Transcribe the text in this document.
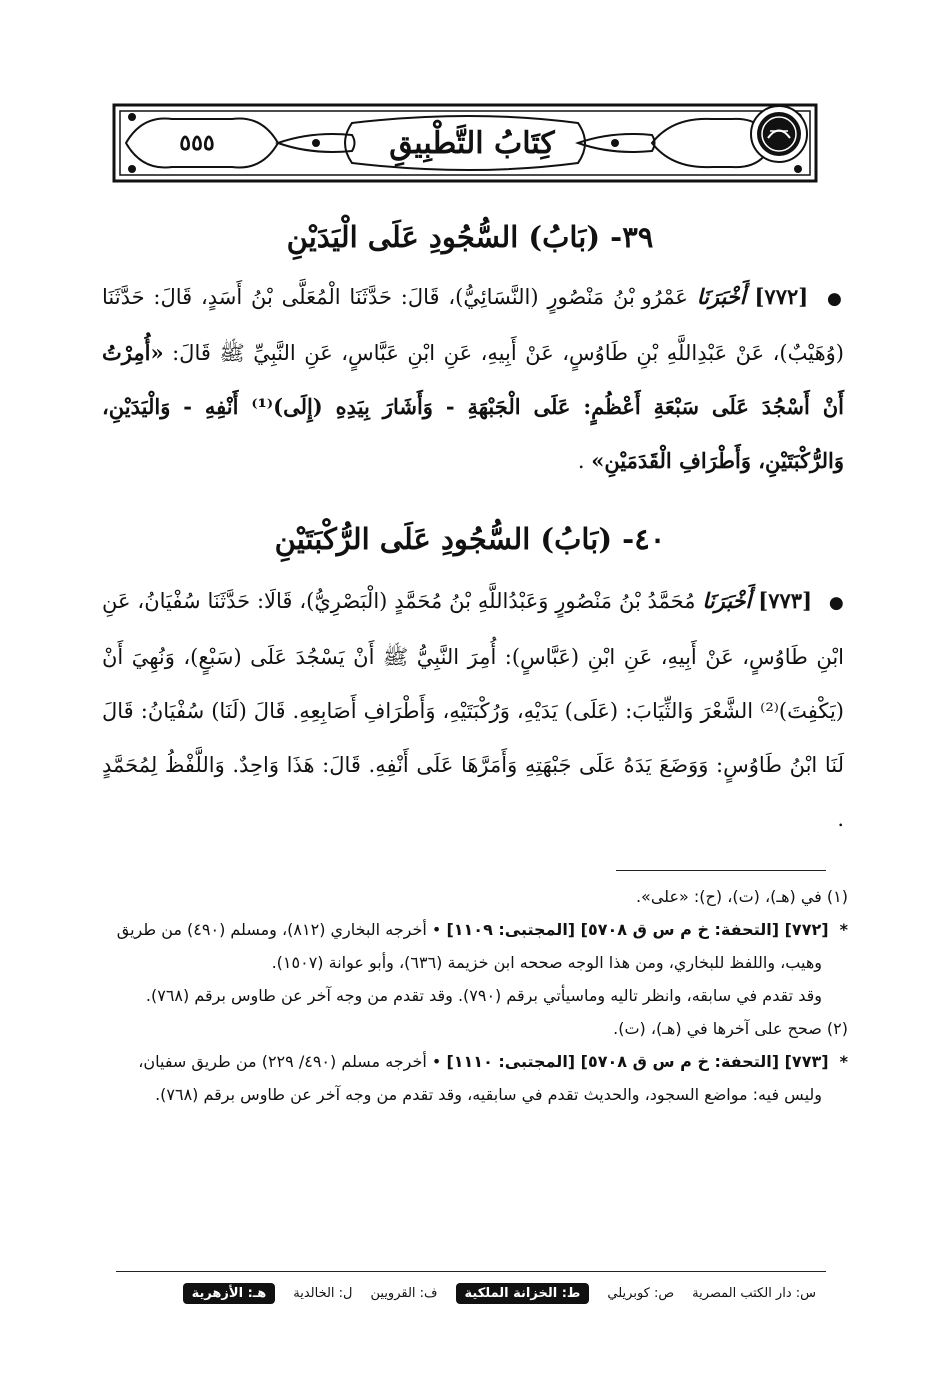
٥٥٥	كِتَابُ التَّطْبِيقِ
٣٩- (بَابُ) السُّجُودِ عَلَى الْيَدَيْنِ
● [٧٧٢] أَخْبَرَنَا عَمْرُو بْنُ مَنْصُورٍ (النَّسَائِيُّ)، قَالَ: حَدَّثَنَا الْمُعَلَّى بْنُ أَسَدٍ، قَالَ: حَدَّثَنَا (وُهَيْبٌ)، عَنْ عَبْدِاللَّهِ بْنِ طَاوُسٍ، عَنْ أَبِيهِ، عَنِ ابْنِ عَبَّاسٍ، عَنِ النَّبِيِّ ﷺ قَالَ: «أُمِرْتُ أَنْ أَسْجُدَ عَلَى سَبْعَةِ أَعْظُمٍ: عَلَى الْجَبْهَةِ - وَأَشَارَ بِيَدِهِ (إِلَى)⁽¹⁾ أَنْفِهِ - وَالْيَدَيْنِ، وَالرُّكْبَتَيْنِ، وَأَطْرَافِ الْقَدَمَيْنِ» .
٤٠- (بَابُ) السُّجُودِ عَلَى الرُّكْبَتَيْنِ
● [٧٧٣] أَخْبَرَنَا مُحَمَّدُ بْنُ مَنْصُورٍ وَعَبْدُاللَّهِ بْنُ مُحَمَّدٍ (الْبَصْرِيُّ)، قَالَا: حَدَّثَنَا سُفْيَانُ، عَنِ ابْنِ طَاوُسٍ، عَنْ أَبِيهِ، عَنِ ابْنِ (عَبَّاسٍ): أُمِرَ النَّبِيُّ ﷺ أَنْ يَسْجُدَ عَلَى (سَبْعٍ)، وَنُهِيَ أَنْ (يَكْفِتَ)⁽²⁾ الشَّعْرَ وَالثِّيَابَ: (عَلَى) يَدَيْهِ، وَرُكْبَتَيْهِ، وَأَطْرَافِ أَصَابِعِهِ. قَالَ (لَنَا) سُفْيَانُ: قَالَ لَنَا ابْنُ طَاوُسٍ: وَوَضَعَ يَدَهُ عَلَى جَبْهَتِهِ وَأَمَرَّهَا عَلَى أَنْفِهِ. قَالَ: هَذَا وَاحِدٌ. وَاللَّفْظُ لِمُحَمَّدٍ .

(١) في (هـ)، (ت)، (ح): «على».

* [٧٧٢] [التحفة: خ م س ق ٥٧٠٨] [المجتبى: ١١٠٩] • أخرجه البخاري (٨١٢)، ومسلم (٤٩٠) من طريق وهيب، واللفظ للبخاري، ومن هذا الوجه صححه ابن خزيمة (٦٣٦)، وأبو عوانة (١٥٠٧).

وقد تقدم في سابقه، وانظر تاليه وماسيأتي برقم (٧٩٠). وقد تقدم من وجه آخر عن طاوس برقم (٧٦٨).

(٢) صحح على آخرها في (هـ)، (ت).

* [٧٧٣] [التحفة: خ م س ق ٥٧٠٨] [المجتبى: ١١١٠] • أخرجه مسلم (٤٩٠/ ٢٢٩) من طريق سفيان، وليس فيه: مواضع السجود، والحديث تقدم في سابقيه، وقد تقدم من وجه آخر عن طاوس برقم (٧٦٨).

س: دار الكتب المصرية
ص: كوبريلي
ط: الخزانة الملكية
ف: القرويين
ل: الخالدية
هـ: الأزهرية
